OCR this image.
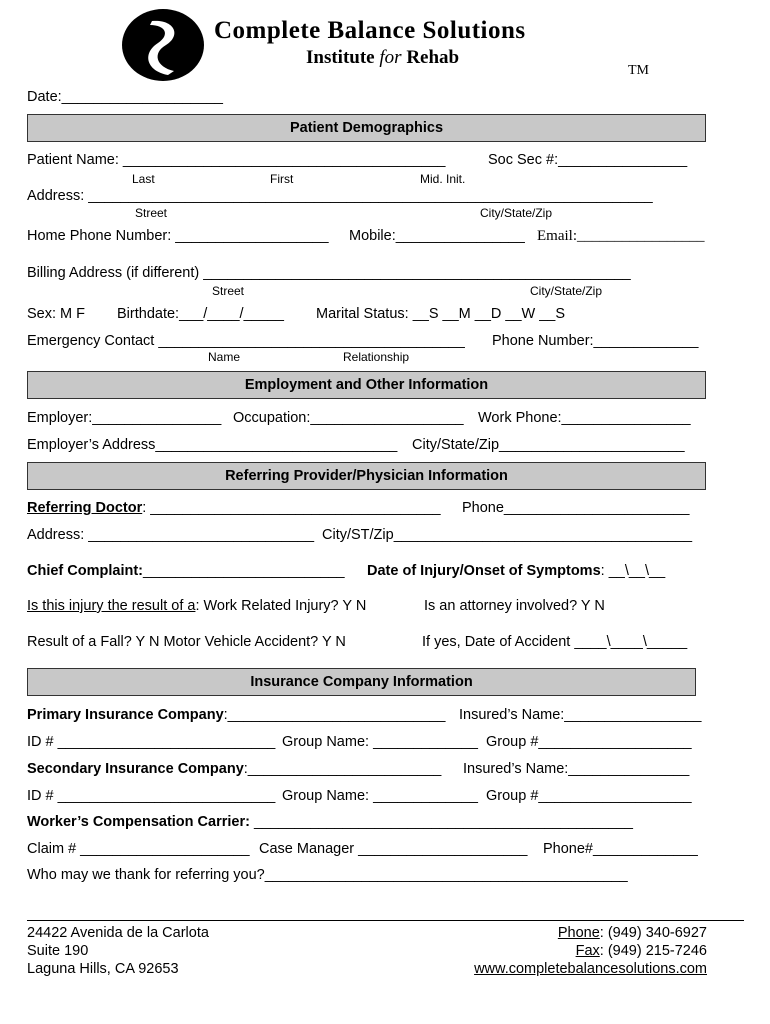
Complete Balance Solutions
Institute for Rehab
TM
Date:____________________
Patient Demographics
Patient Name: ________________________________________	Soc Sec #:________________
Last	First	Mid. Init.
Address: ______________________________________________________________________
Street	City/State/Zip
Home Phone Number: ___________________ Mobile:________________ Email:_________________
Billing Address (if different) _____________________________________________________
Street	City/State/Zip
Sex: M F Birthdate:___/____/_____ Marital Status: __S __M __D __W __S
Emergency Contact ______________________________________ Phone Number:_____________
Name	Relationship
Employment and Other Information
Employer:________________ Occupation:___________________ Work Phone:________________
Employer’s Address______________________________ City/State/Zip_______________________
Referring Provider/Physician Information
Referring Doctor: ____________________________________ Phone_______________________
Address: ____________________________ City/ST/Zip_____________________________________
Chief Complaint:_________________________ Date of Injury/Onset of Symptoms: __\__\__
Is this injury the result of a: Work Related Injury? Y N	Is an attorney involved? Y N
Result of a Fall? Y N Motor Vehicle Accident? Y N	If yes, Date of Accident ____\____\_____
Insurance Company Information
Primary Insurance Company:___________________________ Insured’s Name:_________________
ID # ___________________________ Group Name: _____________ Group #___________________
Secondary Insurance Company:________________________ Insured’s Name:_______________
ID # ___________________________ Group Name: _____________ Group #___________________
Worker’s Compensation Carrier: _______________________________________________
Claim # _____________________ Case Manager _____________________ Phone#_____________
Who may we thank for referring you?_____________________________________________
24422 Avenida de la Carlota
Suite 190
Laguna Hills, CA 92653
Phone: (949) 340-6927
Fax: (949) 215-7246
www.completebalancesolutions.com
